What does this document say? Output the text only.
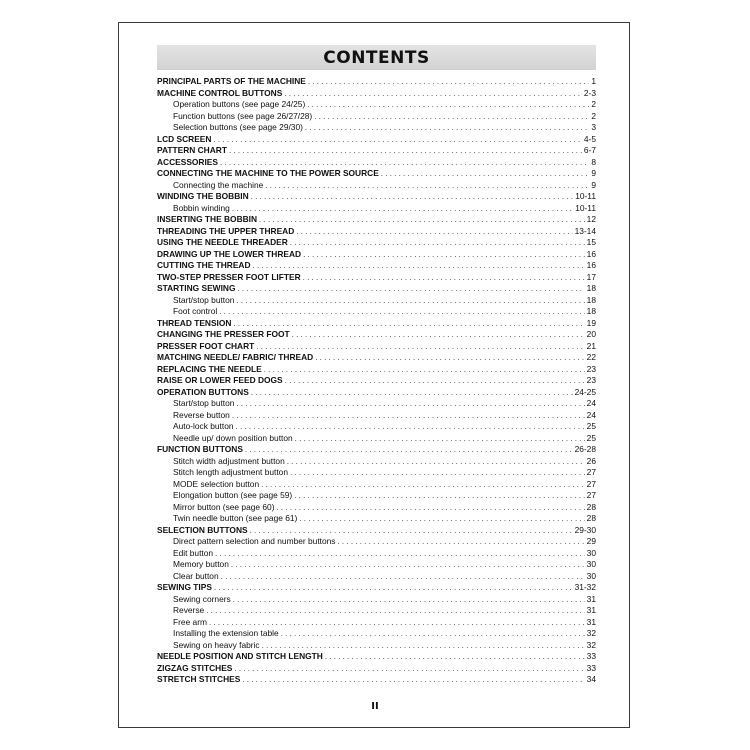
CONTENTS
PRINCIPAL PARTS OF THE MACHINE . . .	1
MACHINE CONTROL BUTTONS . . .	2-3
Operation buttons (see page 24/25) . . .	2
Function buttons (see page 26/27/28) . . .	2
Selection buttons (see page 29/30) . . .	3
LCD SCREEN . . .	4-5
PATTERN CHART . . .	6-7
ACCESSORIES . . .	8
CONNECTING THE MACHINE TO THE POWER SOURCE . . .	9
Connecting the machine . . .	9
WINDING THE BOBBIN . . .	10-11
Bobbin winding . . .	10-11
INSERTING THE BOBBIN . . .	12
THREADING THE UPPER THREAD . . .	13-14
USING THE NEEDLE THREADER . . .	15
DRAWING UP THE LOWER THREAD . . .	16
CUTTING THE THREAD . . .	16
TWO-STEP PRESSER FOOT LIFTER . . .	17
STARTING SEWING . . .	18
Start/stop button . . .	18
Foot control . . .	18
THREAD TENSION . . .	19
CHANGING THE PRESSER FOOT . . .	20
PRESSER FOOT CHART . . .	21
MATCHING NEEDLE/ FABRIC/ THREAD . . .	22
REPLACING THE NEEDLE . . .	23
RAISE OR LOWER FEED DOGS . . .	23
OPERATION BUTTONS . . .	24-25
Start/stop button . . .	24
Reverse button . . .	24
Auto-lock button . . .	25
Needle up/ down position button . . .	25
FUNCTION BUTTONS . . .	26-28
Stitch width adjustment button . . .	26
Stitch length adjustment button . . .	27
MODE selection button . . .	27
Elongation button (see page 59) . . .	27
Mirror button (see page 60) . . .	28
Twin needle button (see page 61) . . .	28
SELECTION BUTTONS . . .	29-30
Direct pattern selection and number buttons . . .	29
Edit button . . .	30
Memory button . . .	30
Clear button . . .	30
SEWING TIPS . . .	31-32
Sewing corners . . .	31
Reverse . . .	31
Free arm . . .	31
Installing the extension table . . .	32
Sewing on heavy fabric . . .	32
NEEDLE POSITION AND STITCH LENGTH . . .	33
ZIGZAG STITCHES . . .	33
STRETCH STITCHES . . .	34
II
